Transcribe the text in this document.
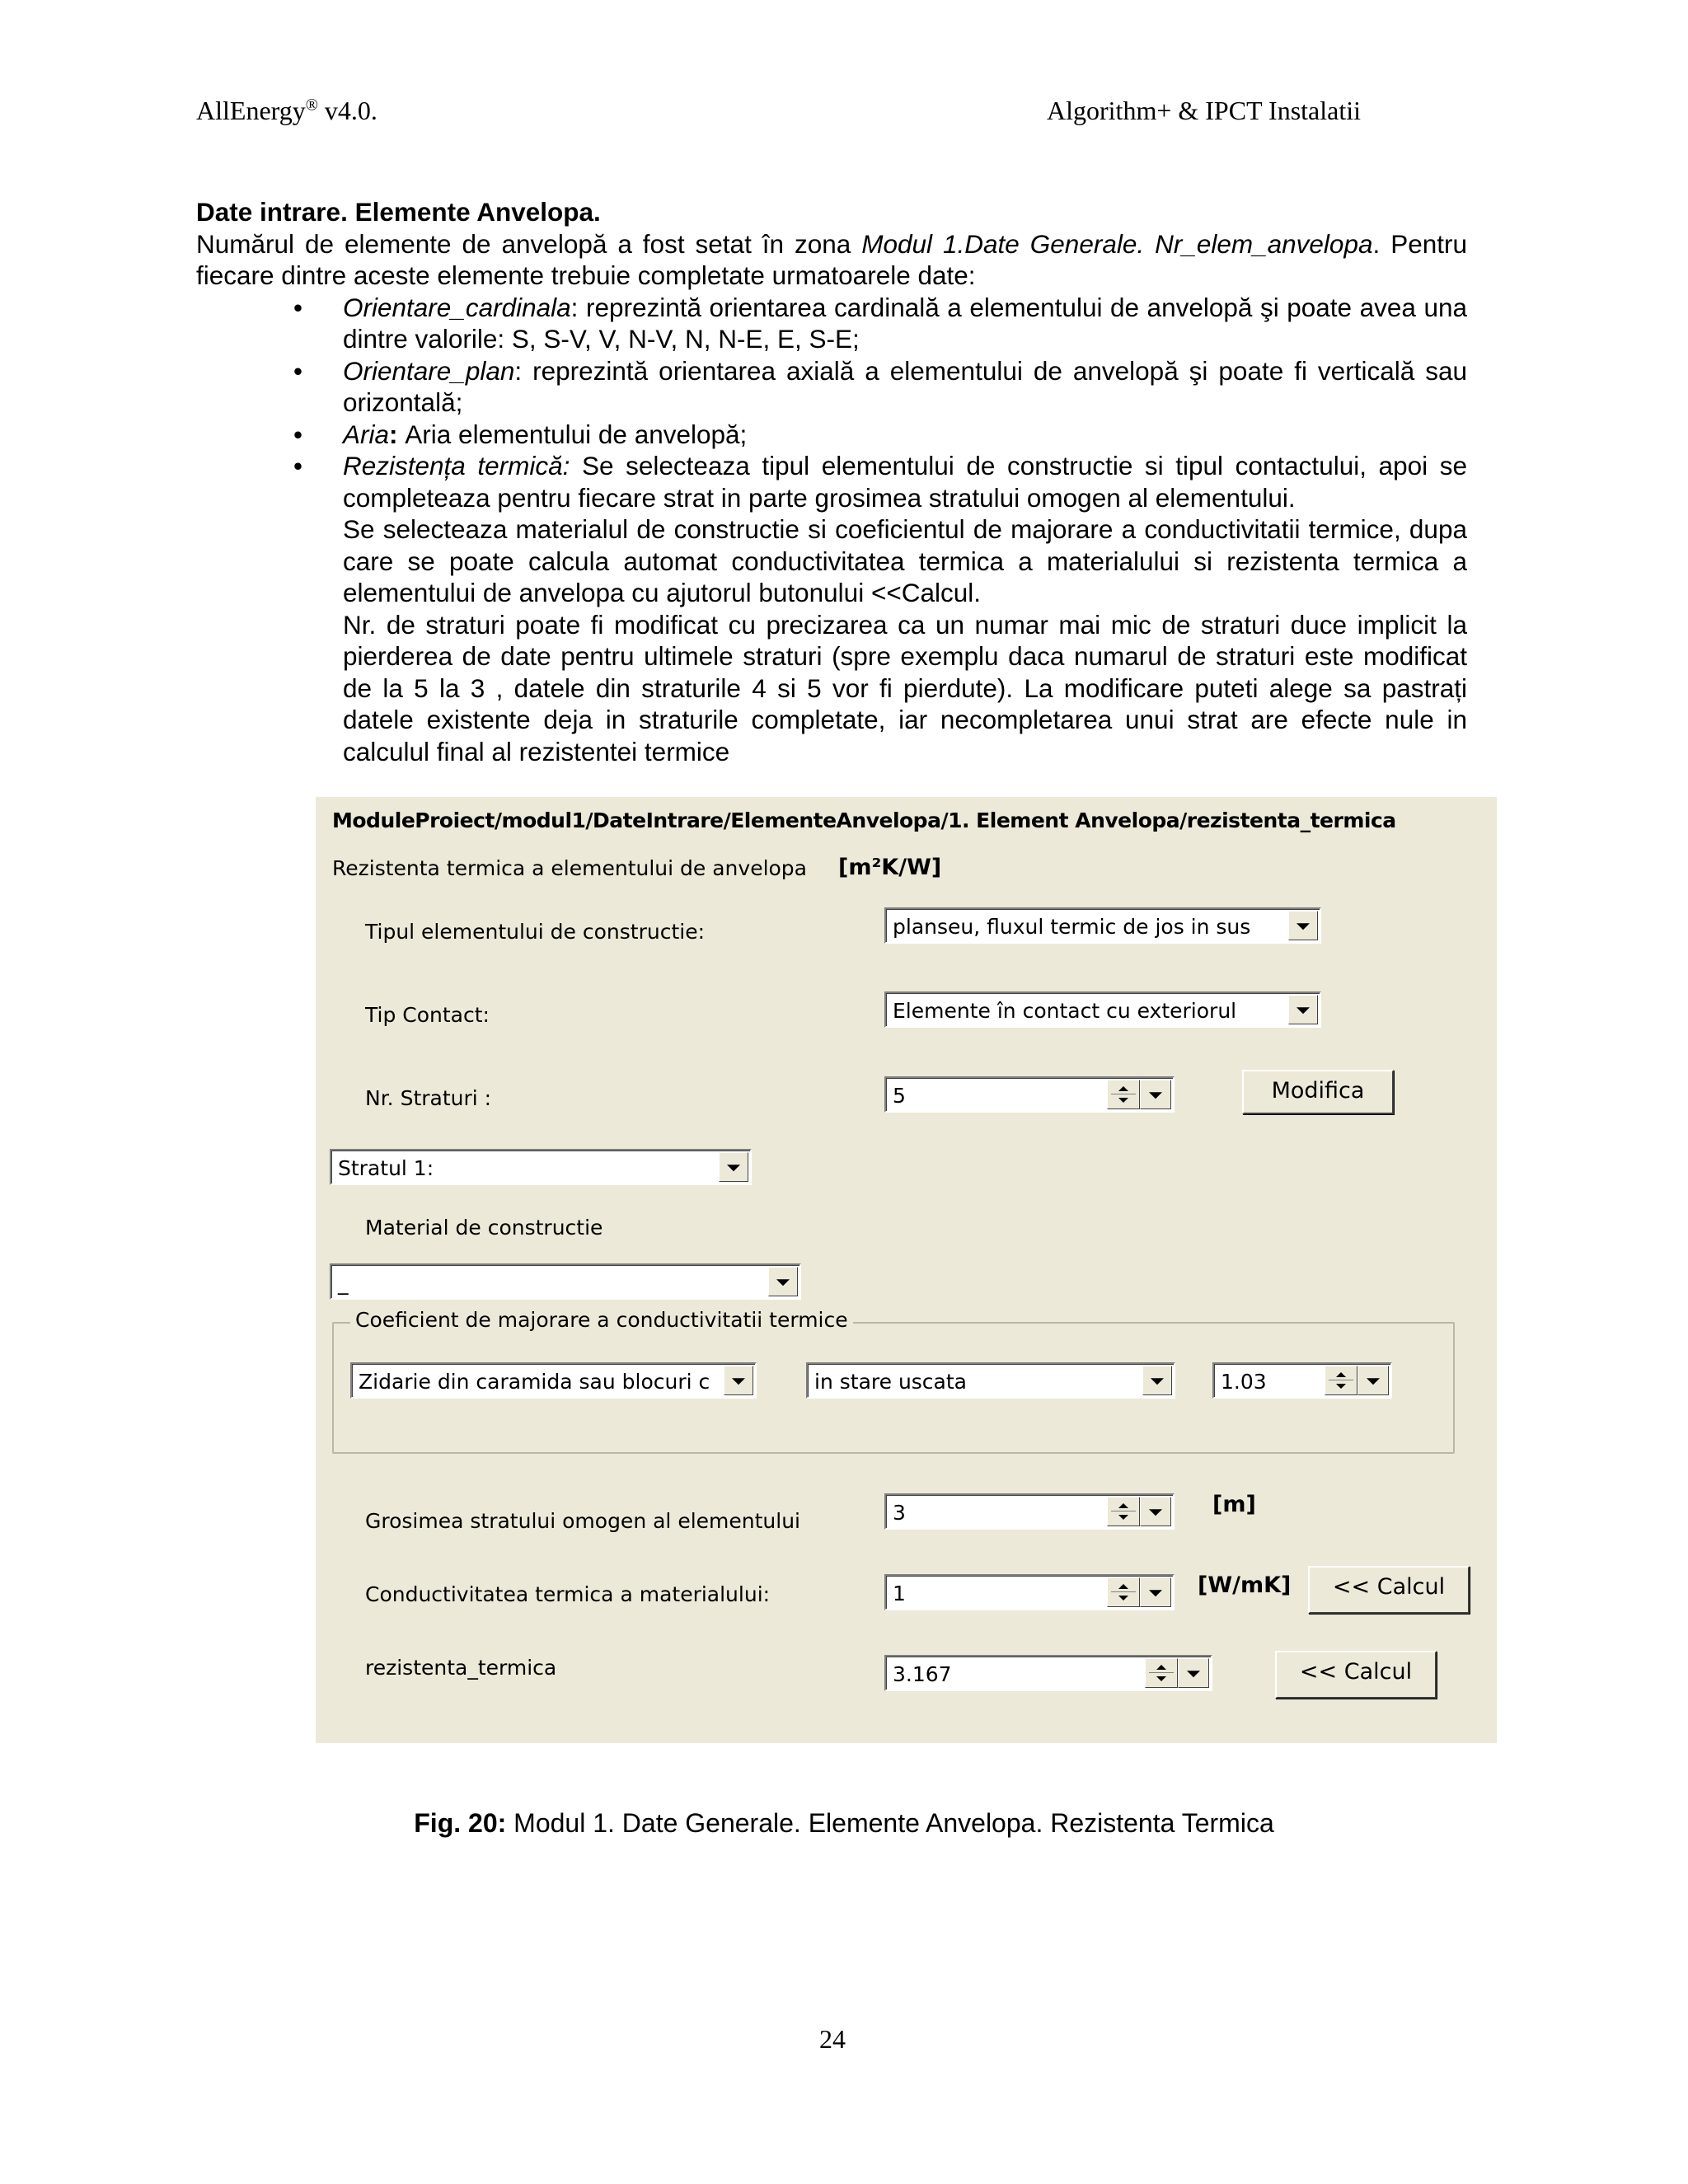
AllEnergy® v4.0.	Algorithm+ & IPCT Instalatii

Date intrare. Elemente Anvelopa.

Numărul de elemente de anvelopă a fost setat în zona Modul 1.Date Generale. Nr_elem_anvelopa. Pentru fiecare dintre aceste elemente trebuie completate urmatoarele date:

• Orientare_cardinala: reprezintă orientarea cardinală a elementului de anvelopă şi poate avea una dintre valorile: S, S-V, V, N-V, N, N-E, E, S-E;
• Orientare_plan: reprezintă orientarea axială a elementului de anvelopă şi poate fi verticală sau orizontală;
• Aria: Aria elementului de anvelopă;
• Rezistența termică: Se selecteaza tipul elementului de constructie si tipul contactului, apoi se completeaza pentru fiecare strat in parte grosimea stratului omogen al elementului.
Se selecteaza materialul de constructie si coeficientul de majorare a conductivitatii termice, dupa care se poate calcula automat conductivitatea termica a materialului si rezistenta termica a elementului de anvelopa cu ajutorul butonului <<Calcul.
Nr. de straturi poate fi modificat cu precizarea ca un numar mai mic de straturi duce implicit la pierderea de date pentru ultimele straturi (spre exemplu daca numarul de straturi este modificat de la 5 la 3 , datele din straturile 4 si 5 vor fi pierdute). La modificare puteti alege sa pastrați datele existente deja in straturile completate, iar necompletarea unui strat are efecte nule in calculul final al rezistentei termice
ModuleProiect/modul1/DateIntrare/ElementeAnvelopa/1. Element Anvelopa/rezistenta_termica
Rezistenta termica a elementului de anvelopa [m²K/W]
Tipul elementului de constructie:	planseu, fluxul termic de jos in sus
Tip Contact:	Elemente în contact cu exteriorul
Nr. Straturi :	5	Modifica
Stratul 1:
Material de constructie
_
Coeficient de majorare a conductivitatii termice
Zidarie din caramida sau blocuri c	in stare uscata	1.03
Grosimea stratului omogen al elementului	3	[m]
Conductivitatea termica a materialului:	1	[W/mK]	<< Calcul
rezistenta_termica	3.167	<< Calcul
Fig. 20: Modul 1. Date Generale. Elemente Anvelopa. Rezistenta Termica
24
